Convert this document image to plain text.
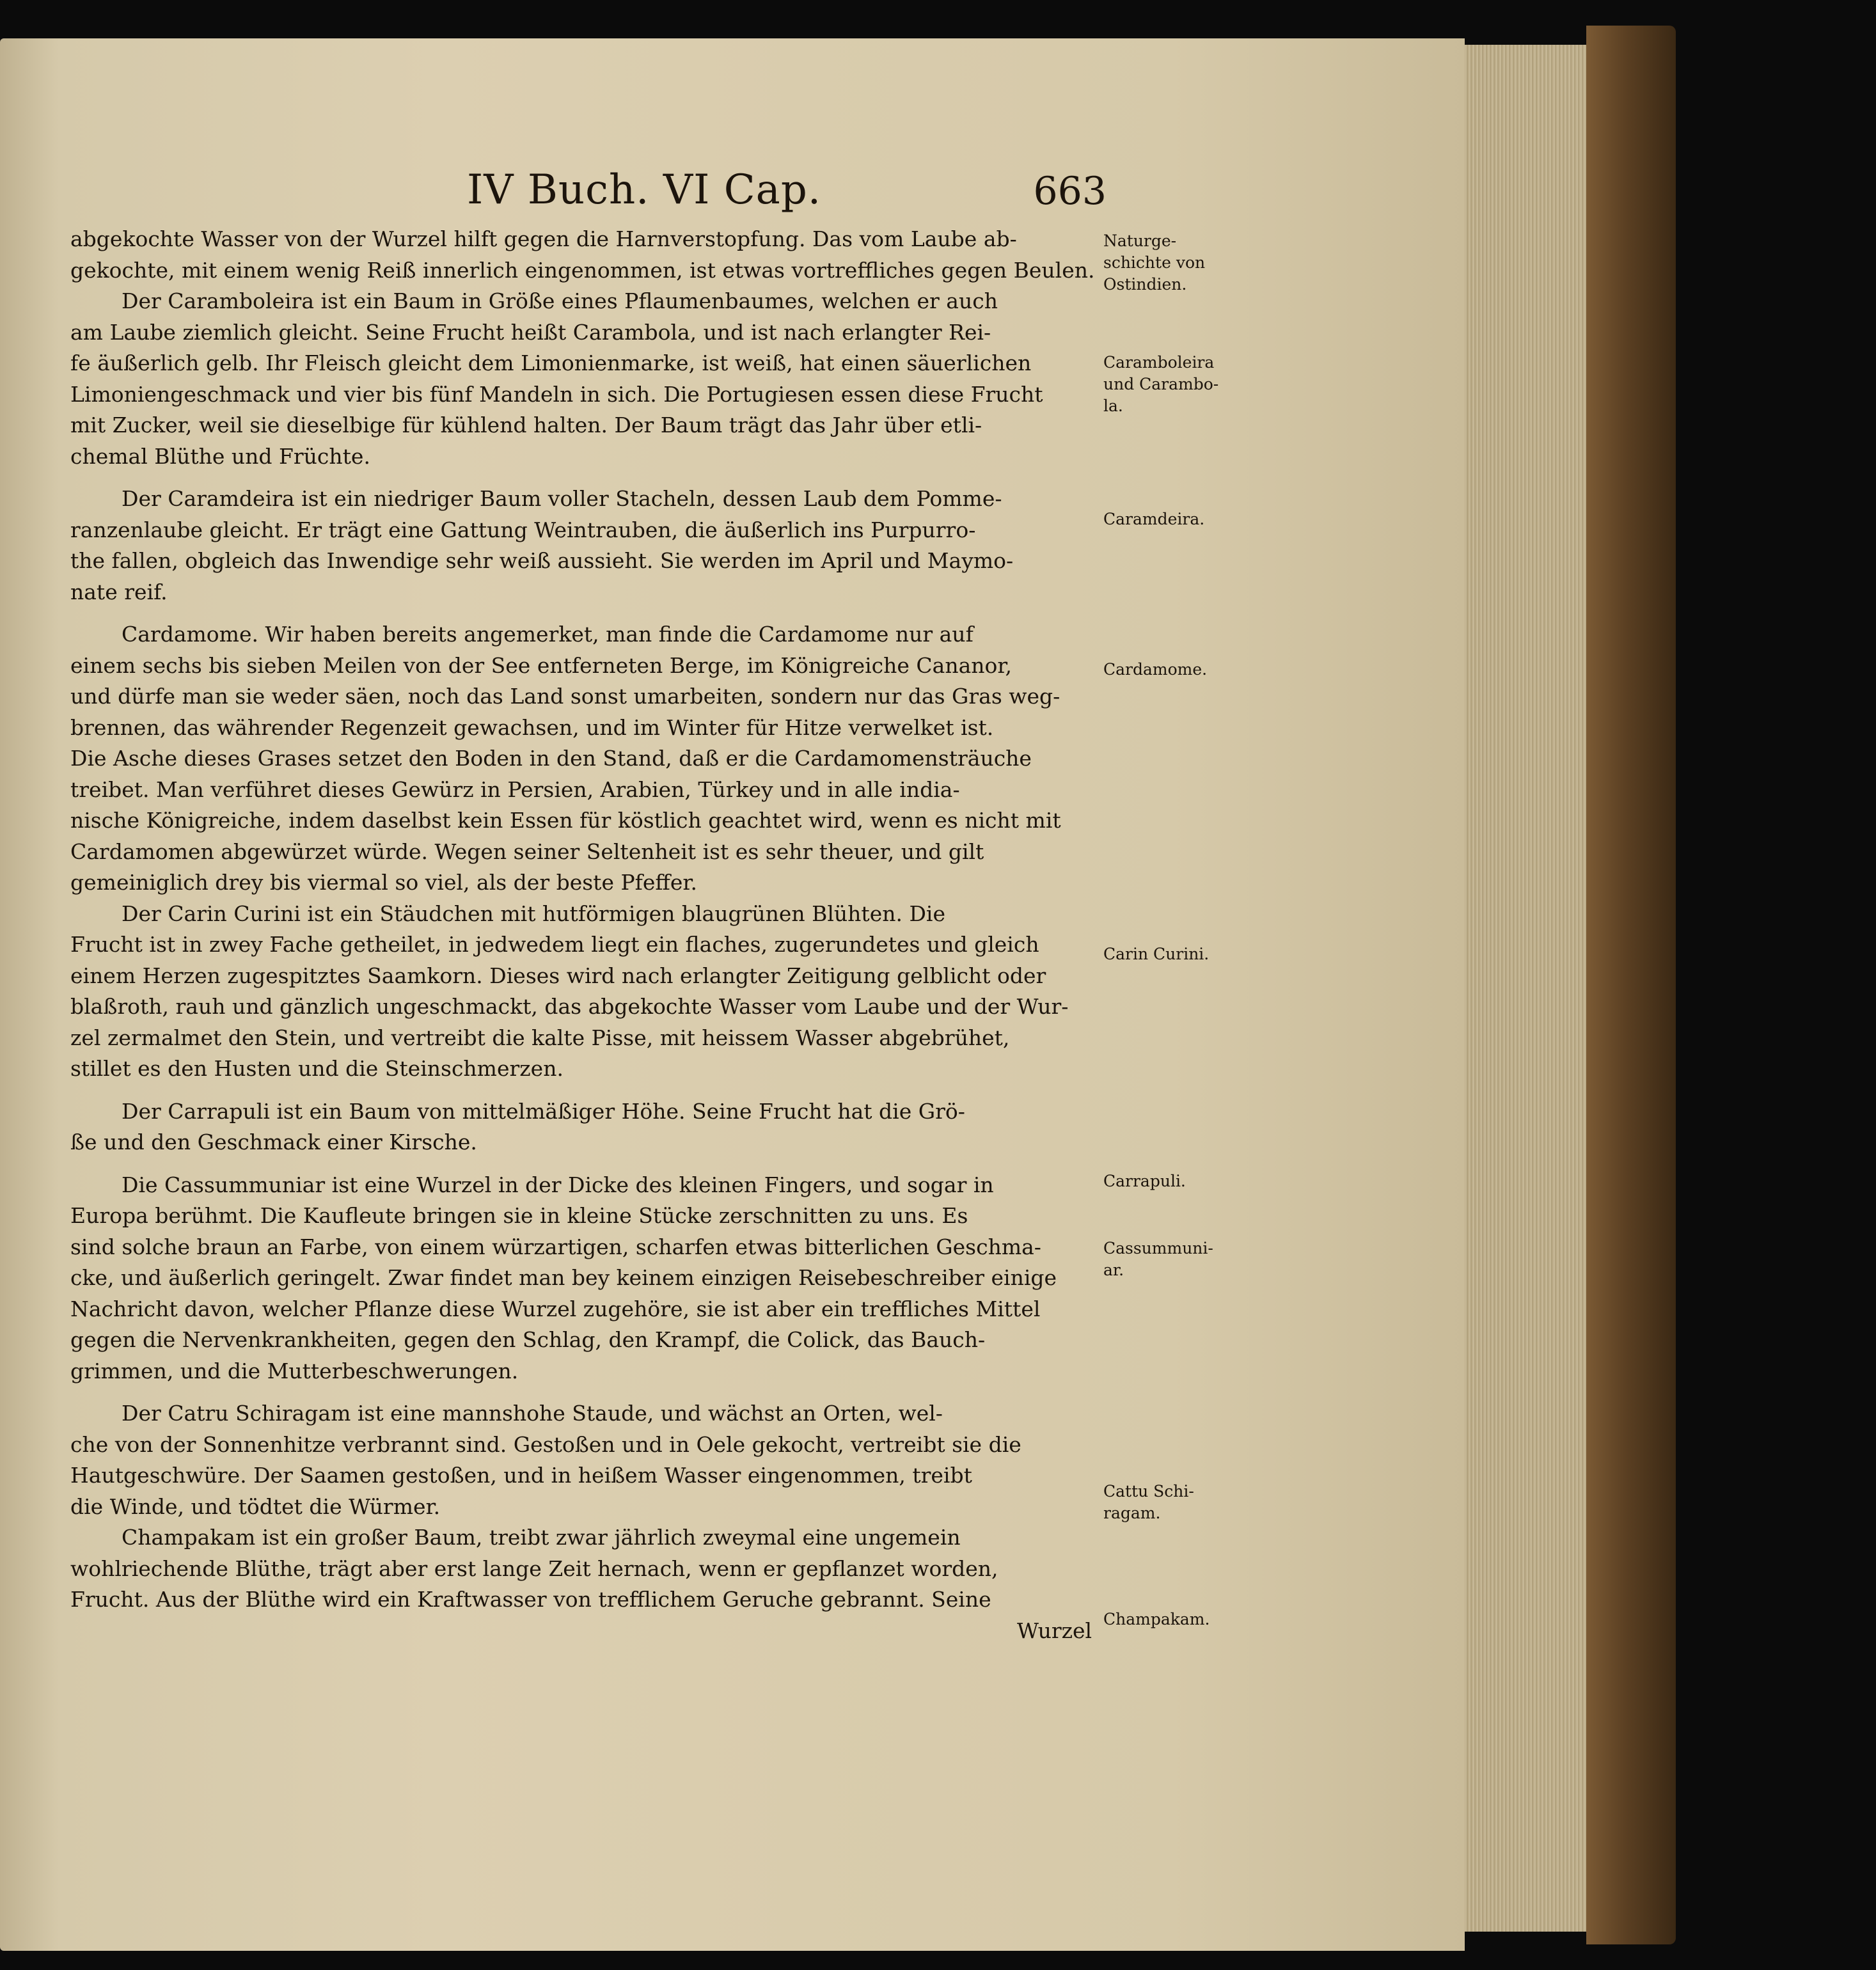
IV Buch. VI Cap.	663
abgekochte Wasser von der Wurzel hilft gegen die Harnverstopfung. Das vom Laube ab-
gekochte, mit einem wenig Reiß innerlich eingenommen, ist etwas vortreffliches gegen Beulen.
Der Caramboleira ist ein Baum in Größe eines Pflaumenbaumes, welchen er auch
am Laube ziemlich gleicht. Seine Frucht heißt Carambola, und ist nach erlangter Rei-
fe äußerlich gelb. Ihr Fleisch gleicht dem Limonienmarke, ist weiß, hat einen säuerlichen
Limoniengeschmack und vier bis fünf Mandeln in sich. Die Portugiesen essen diese Frucht
mit Zucker, weil sie dieselbige für kühlend halten. Der Baum trägt das Jahr über etli-
chemal Blüthe und Früchte.
Der Caramdeira ist ein niedriger Baum voller Stacheln, dessen Laub dem Pomme-
ranzenlaube gleicht. Er trägt eine Gattung Weintrauben, die äußerlich ins Purpurro-
the fallen, obgleich das Inwendige sehr weiß aussieht. Sie werden im April und Maymo-
nate reif.
Cardamome. Wir haben bereits angemerket, man finde die Cardamome nur auf
einem sechs bis sieben Meilen von der See entferneten Berge, im Königreiche Cananor,
und dürfe man sie weder säen, noch das Land sonst umarbeiten, sondern nur das Gras weg-
brennen, das währender Regenzeit gewachsen, und im Winter für Hitze verwelket ist.
Die Asche dieses Grases setzet den Boden in den Stand, daß er die Cardamomensträuche
treibet. Man verführet dieses Gewürz in Persien, Arabien, Türkey und in alle india-
nische Königreiche, indem daselbst kein Essen für köstlich geachtet wird, wenn es nicht mit
Cardamomen abgewürzet würde. Wegen seiner Seltenheit ist es sehr theuer, und gilt
gemeiniglich drey bis viermal so viel, als der beste Pfeffer.
Der Carin Curini ist ein Stäudchen mit hutförmigen blaugrünen Blühten. Die
Frucht ist in zwey Fache getheilet, in jedwedem liegt ein flaches, zugerundetes und gleich
einem Herzen zugespitztes Saamkorn. Dieses wird nach erlangter Zeitigung gelblicht oder
blaßroth, rauh und gänzlich ungeschmackt, das abgekochte Wasser vom Laube und der Wur-
zel zermalmet den Stein, und vertreibt die kalte Pisse, mit heissem Wasser abgebrühet,
stillet es den Husten und die Steinschmerzen.
Der Carrapuli ist ein Baum von mittelmäßiger Höhe. Seine Frucht hat die Grö-
ße und den Geschmack einer Kirsche.
Die Cassummuniar ist eine Wurzel in der Dicke des kleinen Fingers, und sogar in
Europa berühmt. Die Kaufleute bringen sie in kleine Stücke zerschnitten zu uns. Es
sind solche braun an Farbe, von einem würzartigen, scharfen etwas bitterlichen Geschma-
cke, und äußerlich geringelt. Zwar findet man bey keinem einzigen Reisebeschreiber einige
Nachricht davon, welcher Pflanze diese Wurzel zugehöre, sie ist aber ein treffliches Mittel
gegen die Nervenkrankheiten, gegen den Schlag, den Krampf, die Colick, das Bauch-
grimmen, und die Mutterbeschwerungen.
Der Catru Schiragam ist eine mannshohe Staude, und wächst an Orten, wel-
che von der Sonnenhitze verbrannt sind. Gestoßen und in Oele gekocht, vertreibt sie die
Hautgeschwüre. Der Saamen gestoßen, und in heißem Wasser eingenommen, treibt
die Winde, und tödtet die Würmer.
Champakam ist ein großer Baum, treibt zwar jährlich zweymal eine ungemein
wohlriechende Blüthe, trägt aber erst lange Zeit hernach, wenn er gepflanzet worden,
Frucht. Aus der Blüthe wird ein Kraftwasser von trefflichem Geruche gebrannt. Seine
Wurzel
Naturge-
schichte von
Ostindien.
Caramboleira
und Carambo-
la.
Caramdeira.
Cardamome.
Carin Curini.
Carrapuli.
Cassummuni-
ar.
Cattu Schi-
ragam.
Champakam.
